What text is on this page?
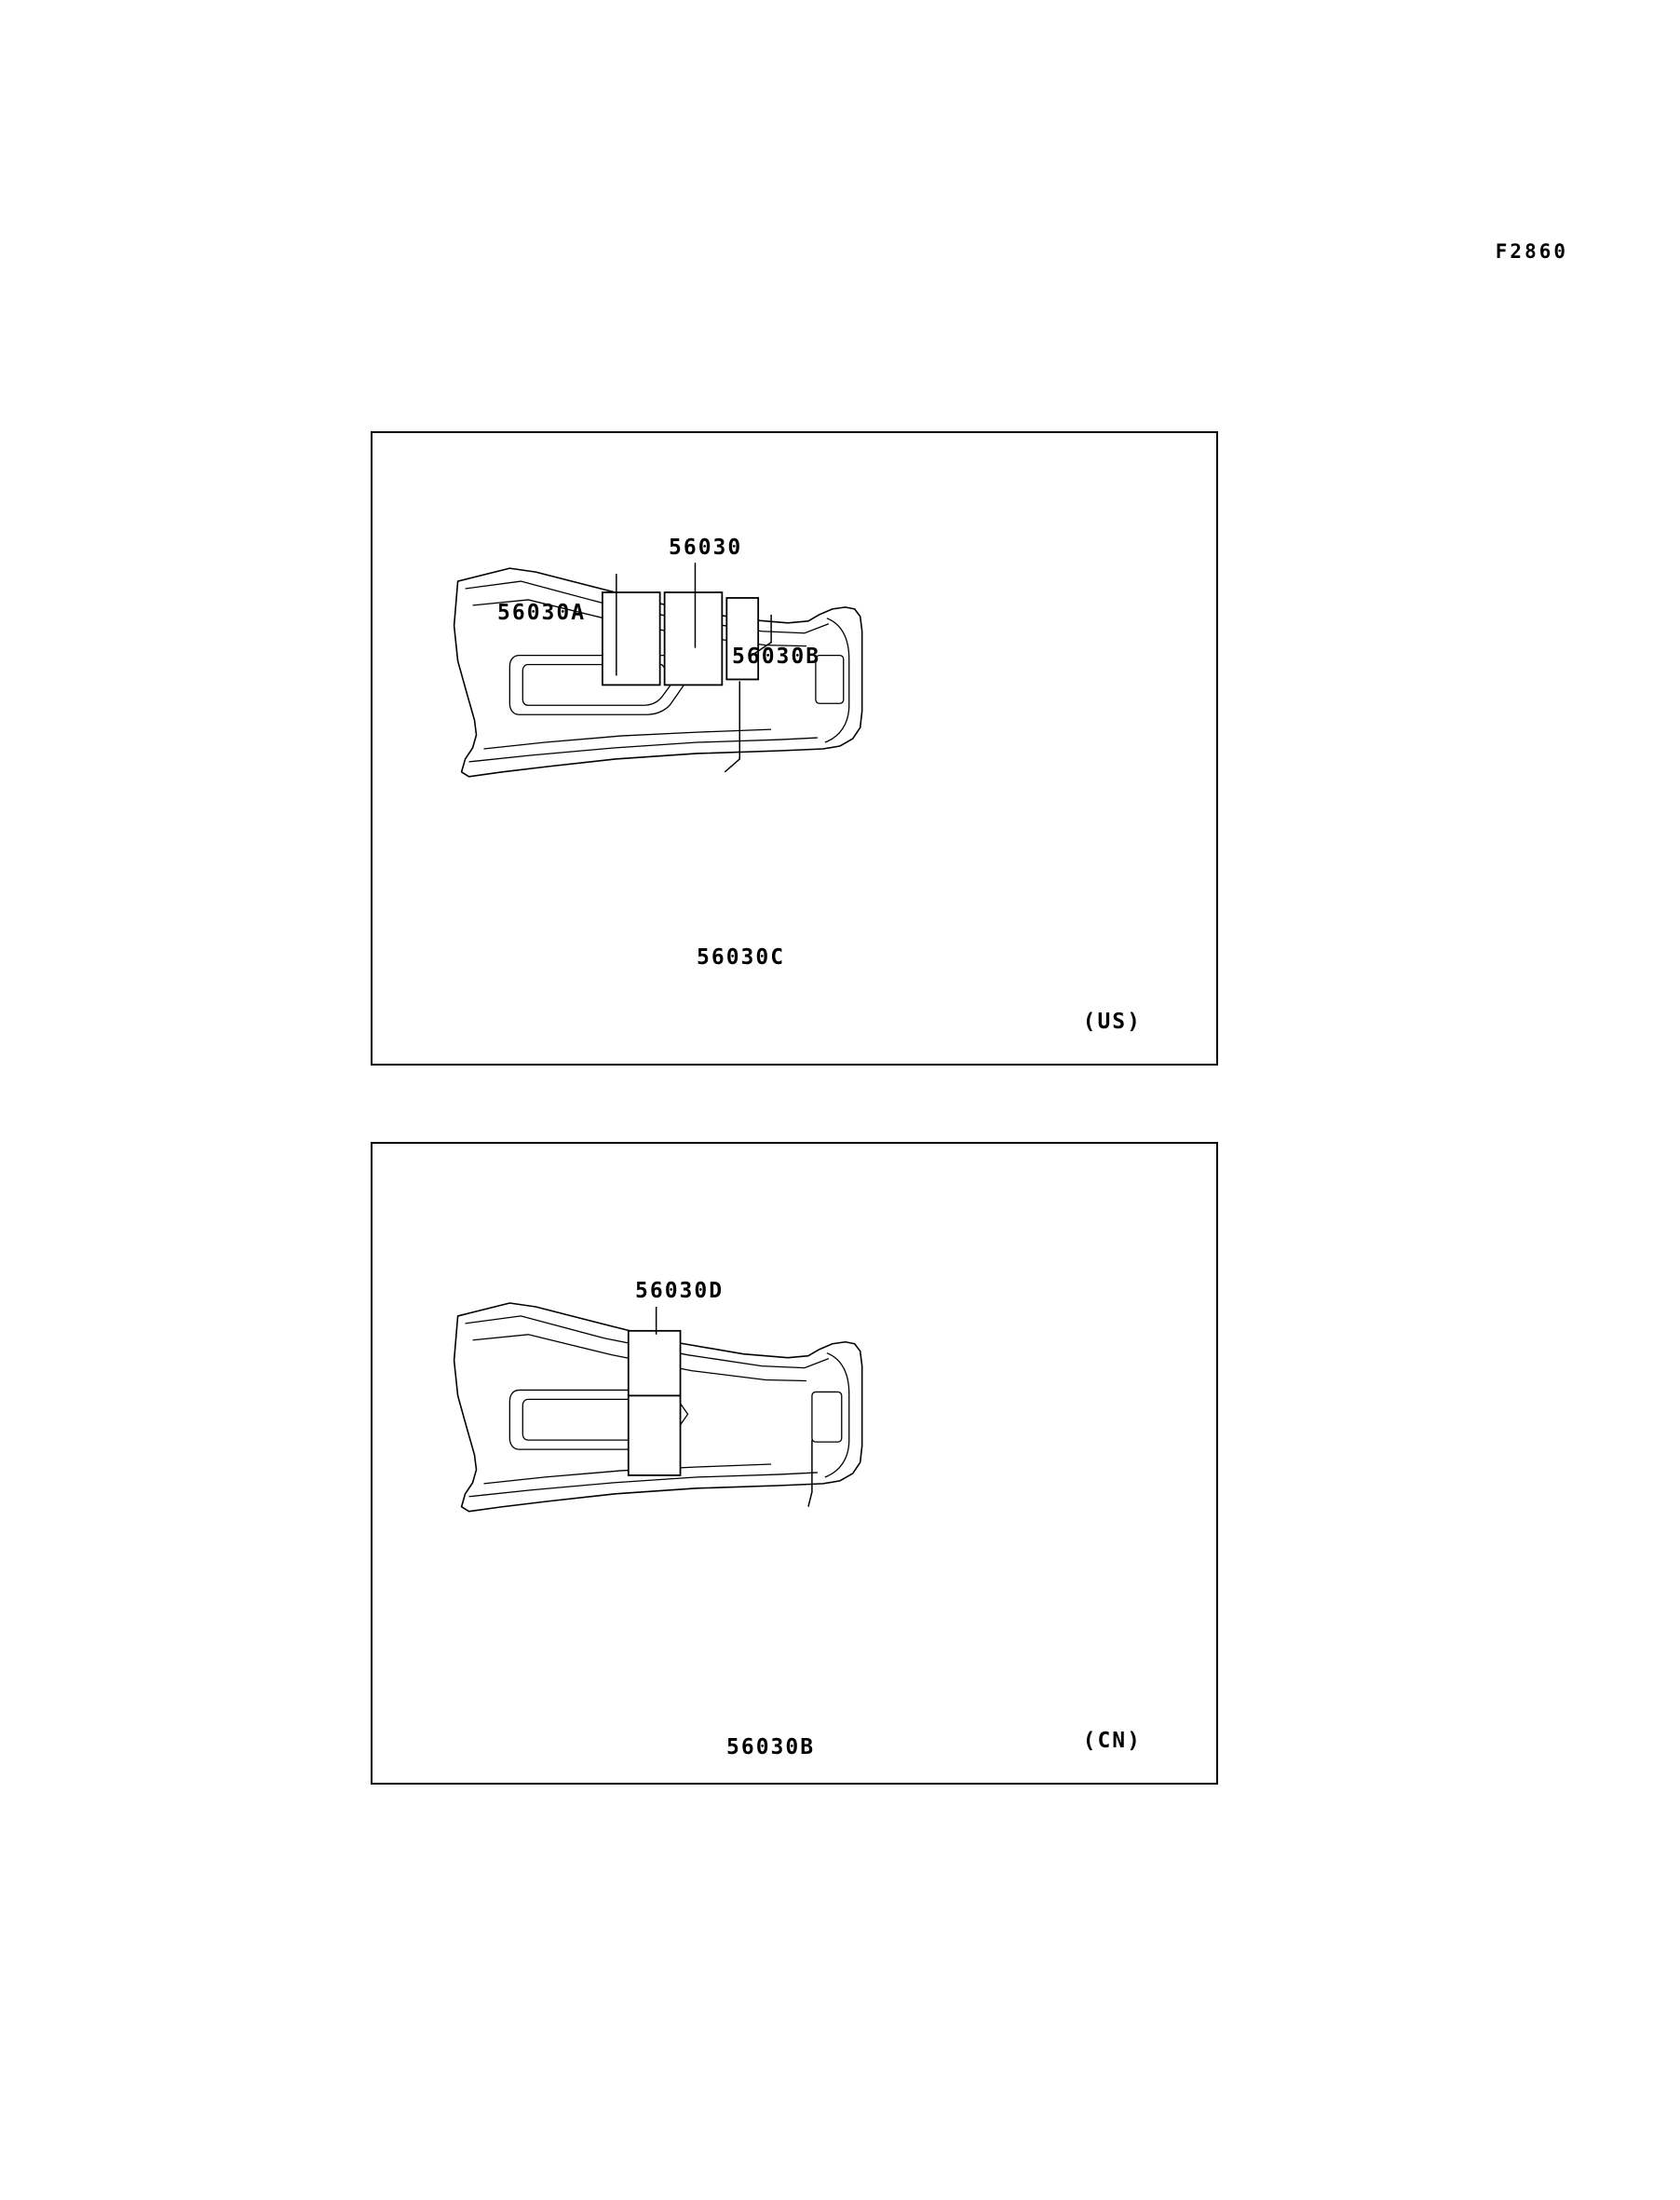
F2860
56030
56030A
56030B
56030C
(US)
56030D
56030B	(CN)
